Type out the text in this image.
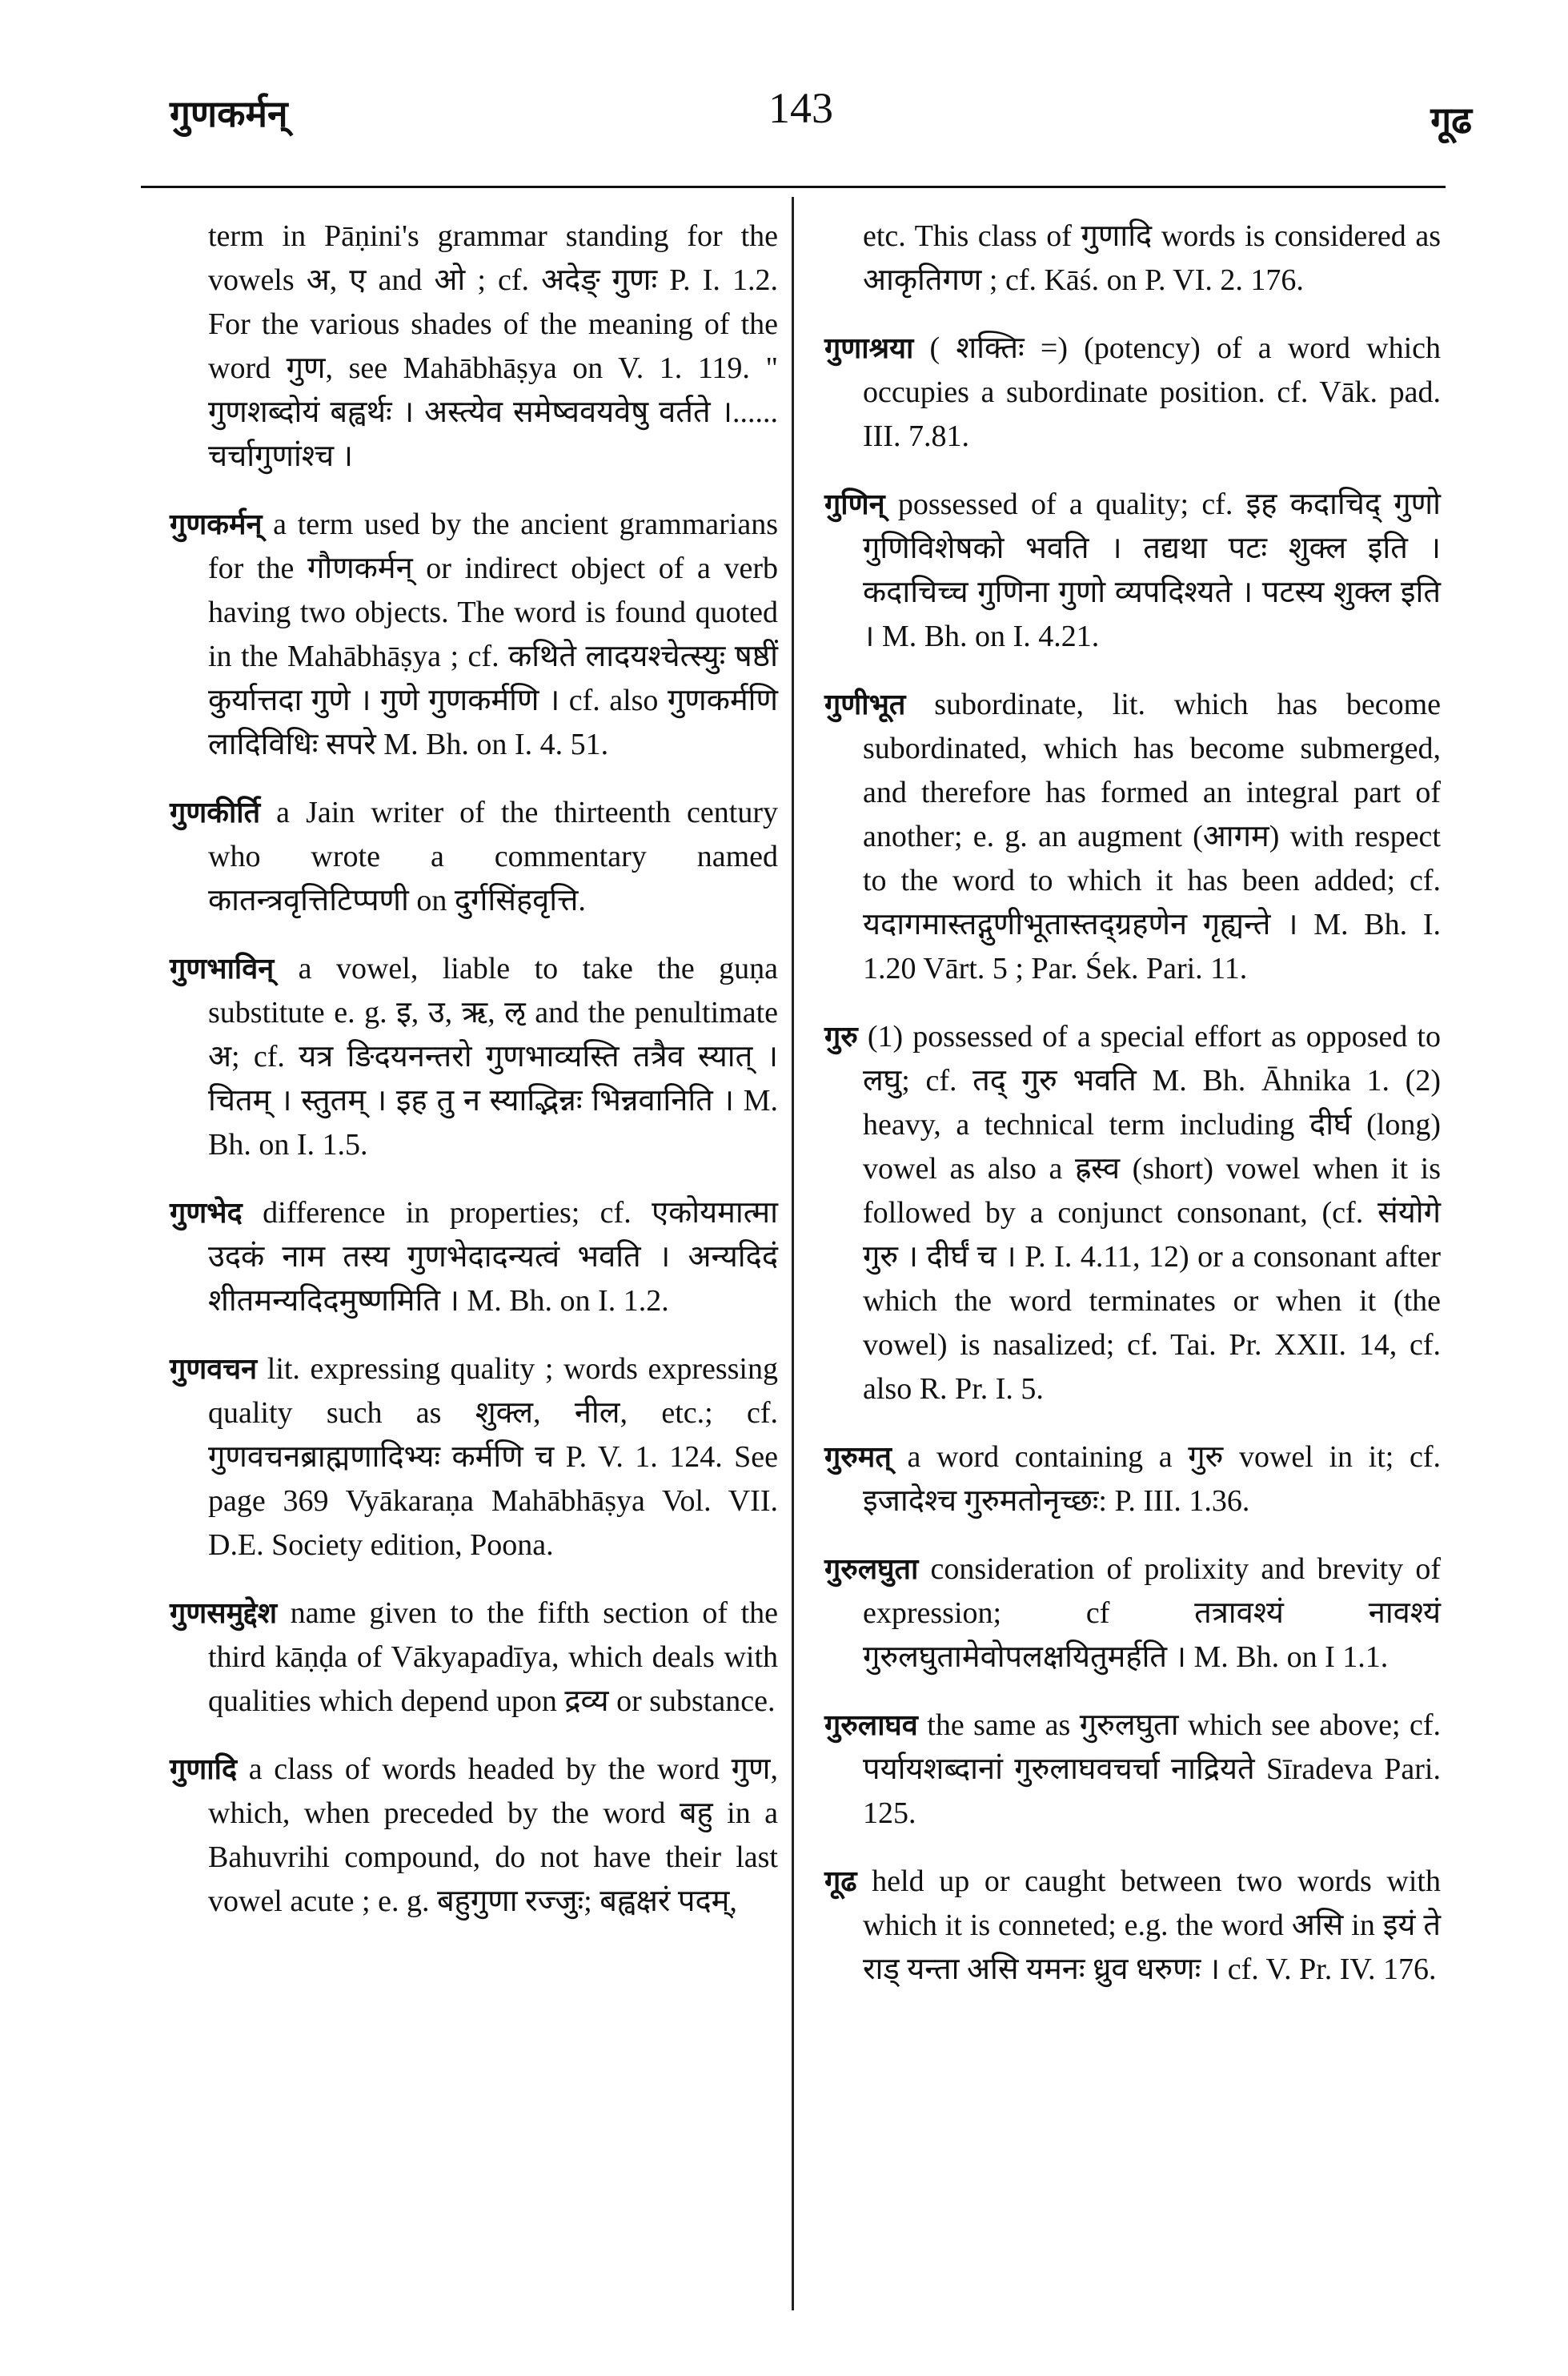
गुणकर्मन्	143	गूढ

term in Pāṇini's grammar standing for the vowels अ, ए and ओ ; cf. अदेङ् गुणः P. I. 1.2. For the various shades of the meaning of the word गुण, see Mahābhāṣya on V. 1. 119. " गुणशब्दोयं बह्वर्थः । अस्त्येव समेष्ववयवेषु वर्तते ।...... चर्चागुणांश्च ।

गुणकर्मन् a term used by the ancient grammarians for the गौणकर्मन् or indirect object of a verb having two objects. The word is found quoted in the Mahābhāṣya ; cf. कथिते लादयश्चेत्स्युः षष्ठीं कुर्यात्तदा गुणे । गुणे गुणकर्मणि । cf. also गुणकर्मणि लादिविधिः सपरे M. Bh. on I. 4. 51.

गुणकीर्ति a Jain writer of the thirteenth century who wrote a commentary named कातन्त्रवृत्तिटिप्पणी on दुर्गसिंहवृत्ति.

गुणभाविन् a vowel, liable to take the guṇa substitute e. g. इ, उ, ऋ, ऌ and the penultimate अ; cf. यत्र ङिदयनन्तरो गुणभाव्यस्ति तत्रैव स्यात् । चितम् । स्तुतम् । इह तु न स्याद्भिन्नः भिन्नवानिति । M. Bh. on I. 1.5.

गुणभेद difference in properties; cf. एकोयमात्मा उदकं नाम तस्य गुणभेदादन्यत्वं भवति । अन्यदिदं शीतमन्यदिदमुष्णमिति । M. Bh. on I. 1.2.

गुणवचन lit. expressing quality ; words expressing quality such as शुक्ल, नील, etc.; cf. गुणवचनब्राह्मणादिभ्यः कर्मणि च P. V. 1. 124. See page 369 Vyākaraṇa Mahābhāṣya Vol. VII. D.E. Society edition, Poona.

गुणसमुद्देश name given to the fifth section of the third kāṇḍa of Vākyapadīya, which deals with qualities which depend upon द्रव्य or substance.

गुणादि a class of words headed by the word गुण, which, when preceded by the word बहु in a Bahuvrihi compound, do not have their last vowel acute ; e. g. बहुगुणा रज्जुः; बह्वक्षरं पदम्,

etc. This class of गुणादि words is considered as आकृतिगण ; cf. Kāś. on P. VI. 2. 176.

गुणाश्रया ( शक्तिः =) (potency) of a word which occupies a subordinate position. cf. Vāk. pad. III. 7.81.

गुणिन् possessed of a quality; cf. इह कदाचिद् गुणो गुणिविशेषको भवति । तद्यथा पटः शुक्ल इति । कदाचिच्च गुणिना गुणो व्यपदिश्यते । पटस्य शुक्ल इति । M. Bh. on I. 4.21.

गुणीभूत subordinate, lit. which has become subordinated, which has become submerged, and therefore has formed an integral part of another; e. g. an augment (आगम) with respect to the word to which it has been added; cf. यदागमास्तद्गुणीभूतास्तद्ग्रहणेन गृह्यन्ते । M. Bh. I. 1.20 Vārt. 5 ; Par. Śek. Pari. 11.

गुरु (1) possessed of a special effort as opposed to लघु; cf. तद् गुरु भवति M. Bh. Āhnika 1. (2) heavy, a technical term including दीर्घ (long) vowel as also a ह्रस्व (short) vowel when it is followed by a conjunct consonant, (cf. संयोगे गुरु । दीर्घं च । P. I. 4.11, 12) or a consonant after which the word terminates or when it (the vowel) is nasalized; cf. Tai. Pr. XXII. 14, cf. also R. Pr. I. 5.

गुरुमत् a word containing a गुरु vowel in it; cf. इजादेश्च गुरुमतोनृच्छः: P. III. 1.36.

गुरुलघुता consideration of prolixity and brevity of expression; cf तत्रावश्यं नावश्यं गुरुलघुतामेवोपलक्षयितुमर्हति । M. Bh. on I 1.1.

गुरुलाघव the same as गुरुलघुता which see above; cf. पर्यायशब्दानां गुरुलाघवचर्चा नाद्रियते Sīradeva Pari. 125.

गूढ held up or caught between two words with which it is conneted; e.g. the word असि in इयं ते राड् यन्ता असि यमनः ध्रुव धरुणः । cf. V. Pr. IV. 176.
